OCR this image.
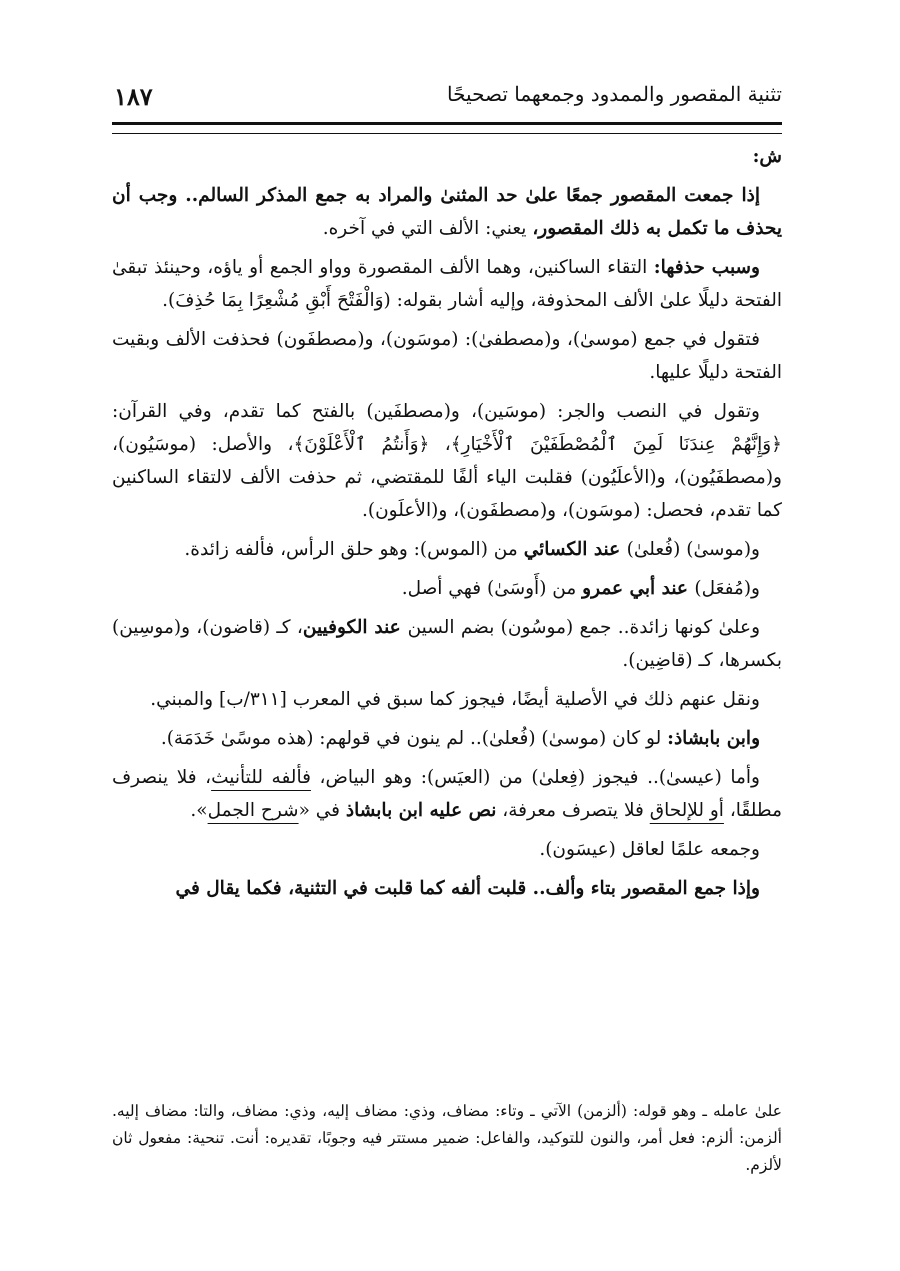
تثنية المقصور والممدود وجمعهما تصحيحًا
١٨٧

ش:

إذا جمعت المقصور جمعًا علىٰ حد المثنىٰ والمراد به جمع المذكر السالم.. وجب أن يحذف ما تكمل به ذلك المقصور، يعني: الألف التي في آخره.

وسبب حذفها: التقاء الساكنين، وهما الألف المقصورة وواو الجمع أو ياؤه، وحينئذ تبقىٰ الفتحة دليلًا علىٰ الألف المحذوفة، وإليه أشار بقوله: (وَالْفَتْحَ أَبْقِ مُشْعِرًا بِمَا حُذِفَ).

فتقول في جمع (موسىٰ)، و(مصطفىٰ): (موسَون)، و(مصطفَون) فحذفت الألف وبقيت الفتحة دليلًا عليها.

وتقول في النصب والجر: (موسَين)، و(مصطفَين) بالفتح كما تقدم، وفي القرآن: ﴿وَإِنَّهُمْ عِندَنَا لَمِنَ ٱلْمُصْطَفَيْنَ ٱلْأَخْيَارِ﴾، ﴿وَأَنتُمُ ٱلْأَعْلَوْنَ﴾، والأصل: (موسَيُون)، و(مصطفَيُون)، و(الأعلَيُون) فقلبت الياء ألفًا للمقتضي، ثم حذفت الألف لالتقاء الساكنين كما تقدم، فحصل: (موسَون)، و(مصطفَون)، و(الأعلَون).

و(موسىٰ) (فُعلىٰ) عند الكسائي من (الموس): وهو حلق الرأس، فألفه زائدة.

و(مُفعَل) عند أبي عمرو من (أَوسَىٰ) فهي أصل.

وعلىٰ كونها زائدة.. جمع (موسُون) بضم السين عند الكوفيين، كـ (قاضون)، و(موسِين) بكسرها، كـ (قاضِين).

ونقل عنهم ذلك في الأصلية أيضًا، فيجوز كما سبق في المعرب [٣١١/ب] والمبني.

وابن بابشاذ: لو كان (موسىٰ) (فُعلىٰ).. لم ينون في قولهم: (هذه موسًىٰ خَدَمَة).

وأما (عيسىٰ).. فيجوز (فِعلىٰ) من (العيَس): وهو البياض، فألفه للتأنيث، فلا ينصرف مطلقًا، أو للإلحاق فلا يتصرف معرفة، نص عليه ابن بابشاذ في «شرح الجمل».

وجمعه علمًا لعاقل (عيسَون).

وإذا جمع المقصور بتاء وألف.. قلبت ألفه كما قلبت في التثنية، فكما يقال في

علىٰ عامله ـ وهو قوله: (ألزمن) الآتي ـ وتاء: مضاف، وذي: مضاف إليه، وذي: مضاف، والتا: مضاف إليه. ألزمن: ألزم: فعل أمر، والنون للتوكيد، والفاعل: ضمير مستتر فيه وجوبًا، تقديره: أنت. تنحية: مفعول ثان لألزم.
